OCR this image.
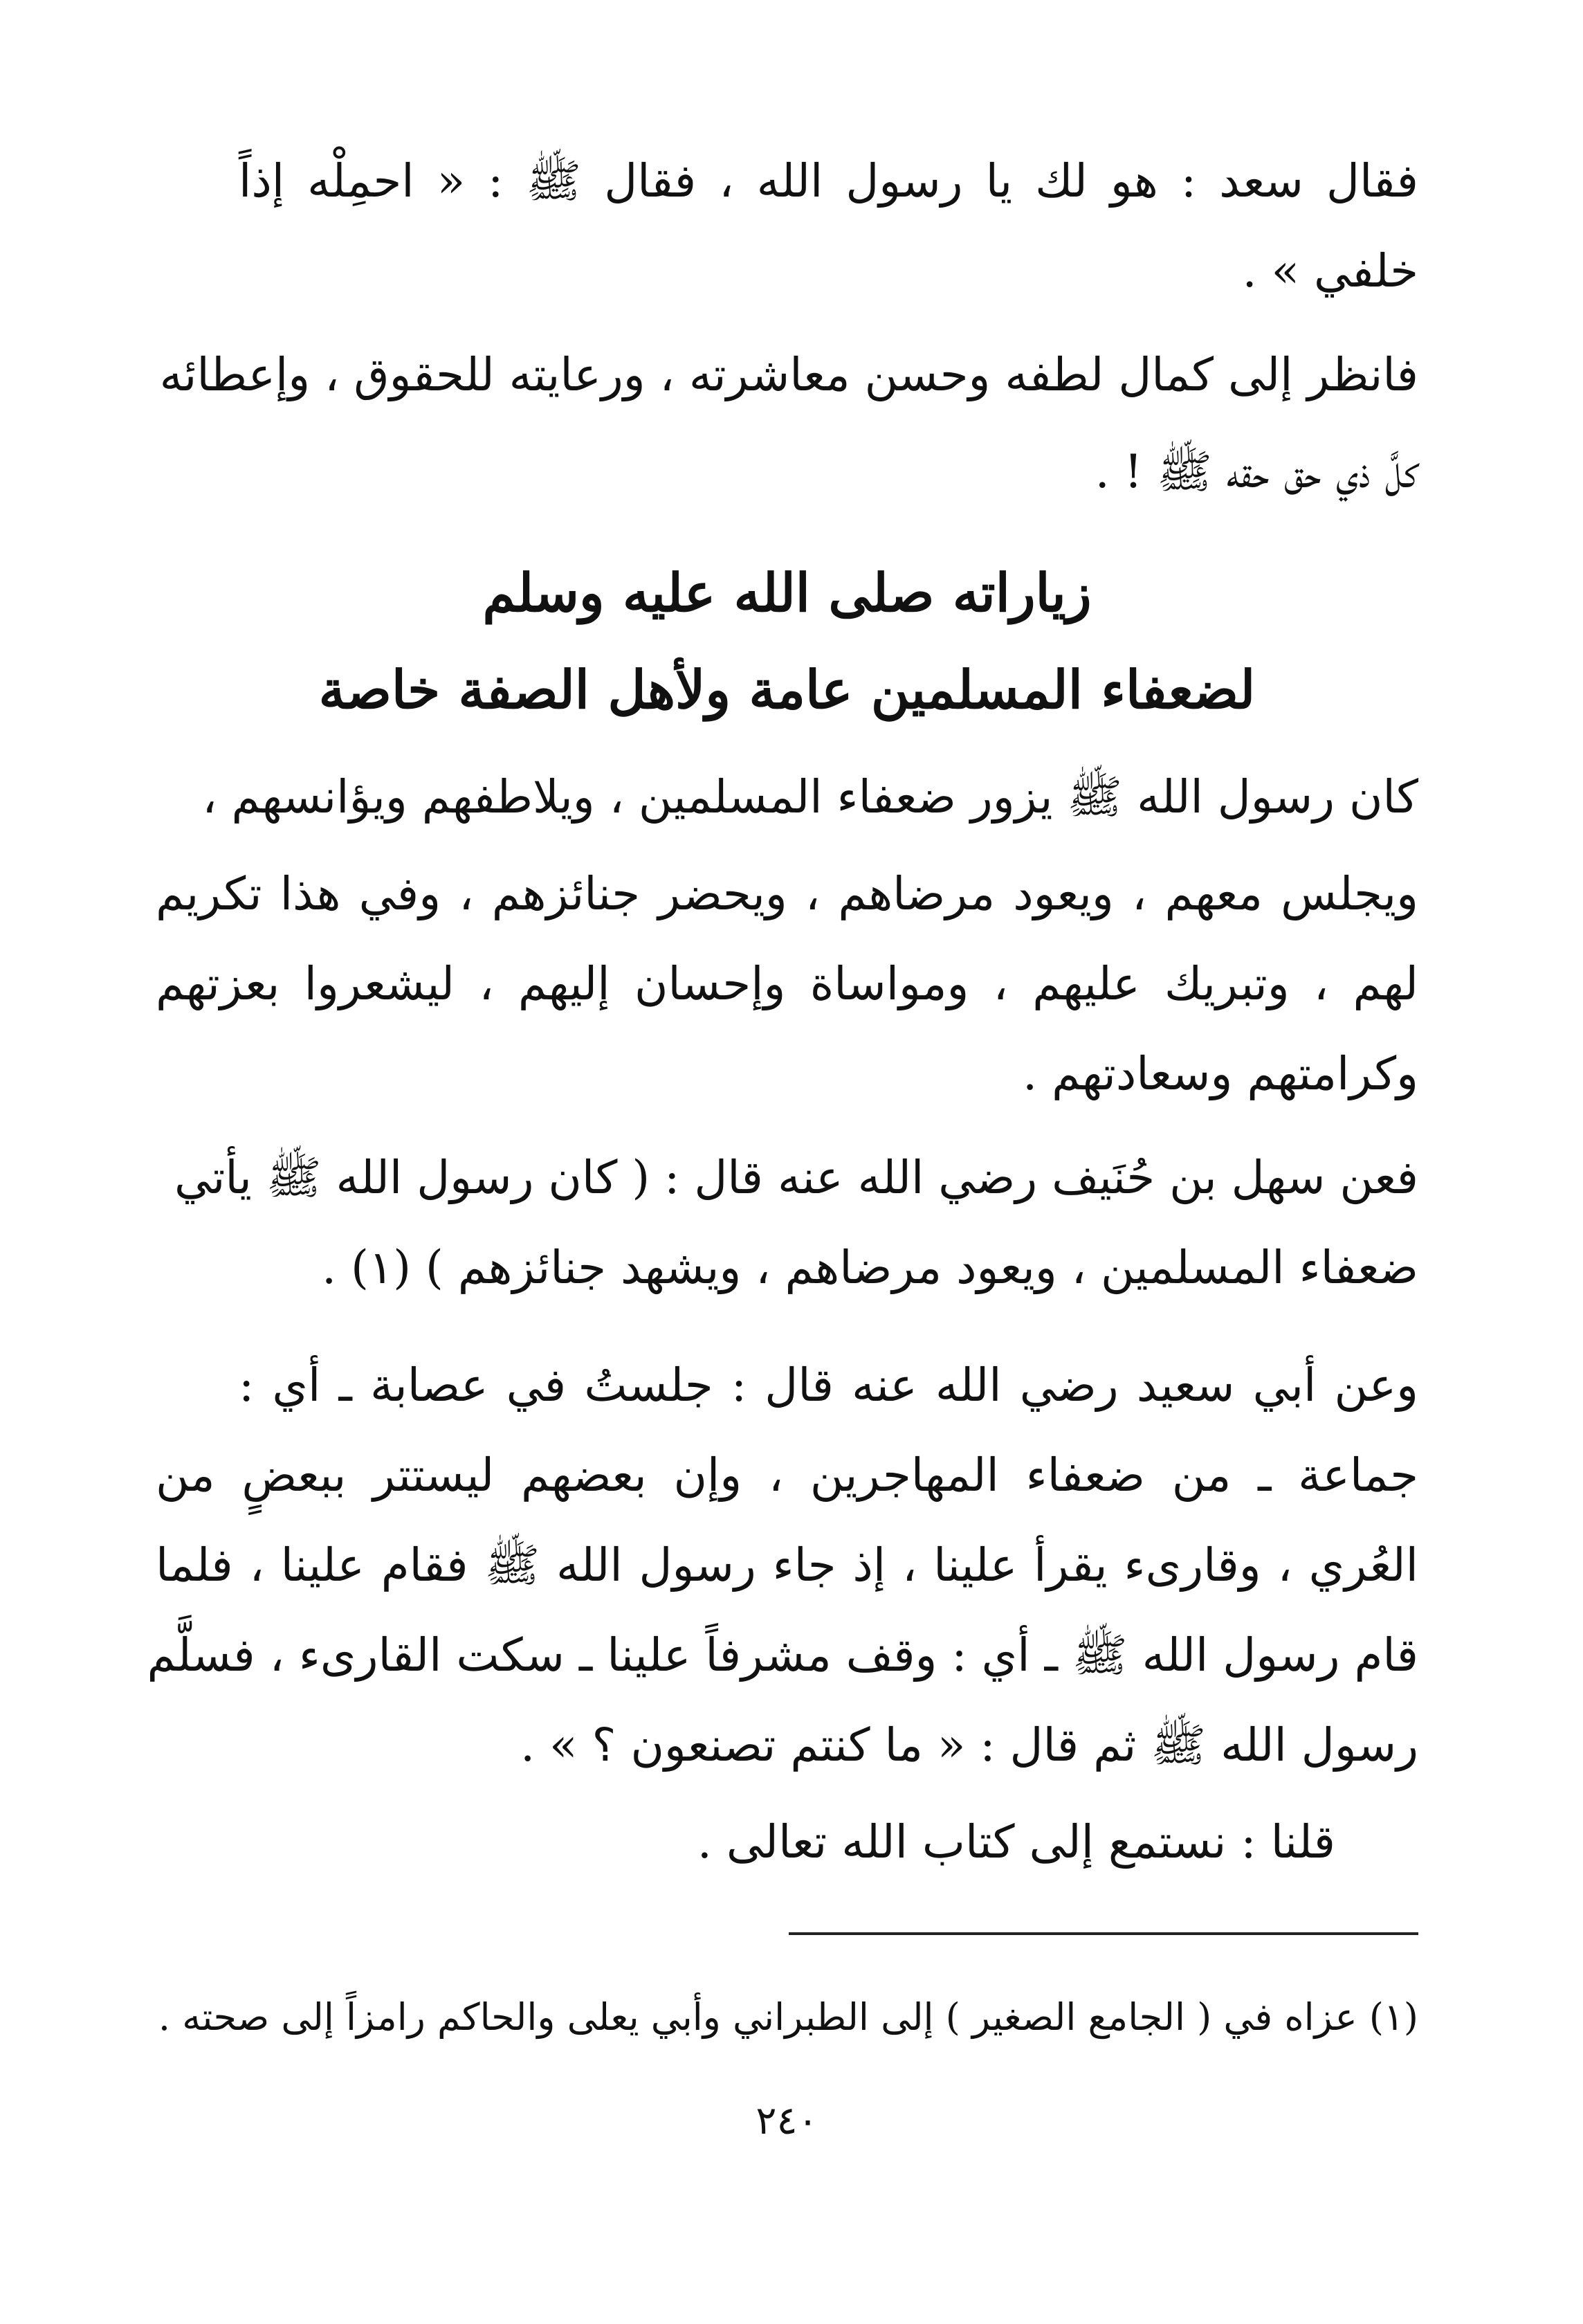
فقال سعد : هو لك يا رسول الله ، فقال ﷺ : « احمِلْه إذاً
خلفي » .
فانظر إلى كمال لطفه وحسن معاشرته ، ورعايته للحقوق ، وإعطائه
كلَّ ذي حق حقه ﷺ ! .
زياراته صلى الله عليه وسلم
لضعفاء المسلمين عامة ولأهل الصفة خاصة
كان رسول الله ﷺ يزور ضعفاء المسلمين ، ويلاطفهم ويؤانسهم ،
ويجلس معهم ، ويعود مرضاهم ، ويحضر جنائزهم ، وفي هذا تكريم
لهم ، وتبريك عليهم ، ومواساة وإحسان إليهم ، ليشعروا بعزتهم
وكرامتهم وسعادتهم .
فعن سهل بن حُنَيف رضي الله عنه قال : ( كان رسول الله ﷺ يأتي
ضعفاء المسلمين ، ويعود مرضاهم ، ويشهد جنائزهم ) (١) .
وعن أبي سعيد رضي الله عنه قال : جلستُ في عصابة ـ أي :
جماعة ـ من ضعفاء المهاجرين ، وإن بعضهم ليستتر ببعضٍ من
العُري ، وقارىء يقرأ علينا ، إذ جاء رسول الله ﷺ فقام علينا ، فلما
قام رسول الله ﷺ ـ أي : وقف مشرفاً علينا ـ سكت القارىء ، فسلَّم
رسول الله ﷺ ثم قال : « ما كنتم تصنعون ؟ » .
قلنا : نستمع إلى كتاب الله تعالى .
(١) عزاه في ( الجامع الصغير ) إلى الطبراني وأبي يعلى والحاكم رامزاً إلى صحته .
٢٤٠
